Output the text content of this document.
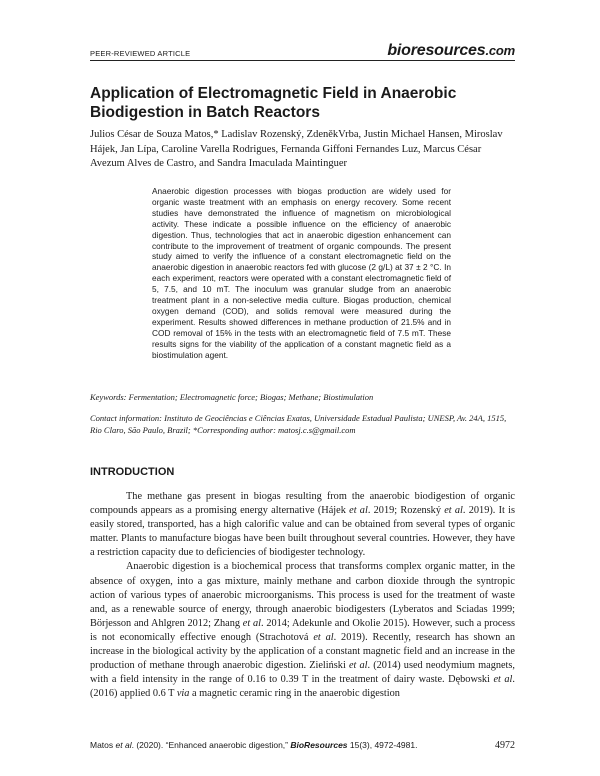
PEER-REVIEWED ARTICLE	bioresources.com
Application of Electromagnetic Field in Anaerobic Biodigestion in Batch Reactors
Julios César de Souza Matos,* Ladislav Rozenský, ZdeněkVrba, Justin Michael Hansen, Miroslav Hájek, Jan Lípa, Caroline Varella Rodrigues, Fernanda Giffoni Fernandes Luz, Marcus César Avezum Alves de Castro, and Sandra Imaculada Maintinguer
Anaerobic digestion processes with biogas production are widely used for organic waste treatment with an emphasis on energy recovery. Some recent studies have demonstrated the influence of magnetism on microbiological activity. These indicate a possible influence on the efficiency of anaerobic digestion. Thus, technologies that act in anaerobic digestion enhancement can contribute to the improvement of treatment of organic compounds. The present study aimed to verify the influence of a constant electromagnetic field on the anaerobic digestion in anaerobic reactors fed with glucose (2 g/L) at 37 ± 2 °C. In each experiment, reactors were operated with a constant electromagnetic field of 5, 7.5, and 10 mT. The inoculum was granular sludge from an anaerobic treatment plant in a non-selective media culture. Biogas production, chemical oxygen demand (COD), and solids removal were measured during the experiment. Results showed differences in methane production of 21.5% and in COD removal of 15% in the tests with an electromagnetic field of 7.5 mT. These results signs for the viability of the application of a constant magnetic field as a biostimulation agent.
Keywords: Fermentation; Electromagnetic force; Biogas; Methane; Biostimulation
Contact information: Instituto de Geociências e Ciências Exatas, Universidade Estadual Paulista; UNESP, Av. 24A, 1515, Rio Claro, São Paulo, Brazil; *Corresponding author: matosj.c.s@gmail.com
INTRODUCTION

The methane gas present in biogas resulting from the anaerobic biodigestion of organic compounds appears as a promising energy alternative (Hájek et al. 2019; Rozenský et al. 2019). It is easily stored, transported, has a high calorific value and can be obtained from several types of organic matter. Plants to manufacture biogas have been built throughout several countries. However, they have a restriction capacity due to deficiencies of biodigester technology.

Anaerobic digestion is a biochemical process that transforms complex organic matter, in the absence of oxygen, into a gas mixture, mainly methane and carbon dioxide through the syntropic action of various types of anaerobic microorganisms. This process is used for the treatment of waste and, as a renewable source of energy, through anaerobic biodigesters (Lyberatos and Sciadas 1999; Börjesson and Ahlgren 2012; Zhang et al. 2014; Adekunle and Okolie 2015). However, such a process is not economically effective enough (Strachotová et al. 2019). Recently, research has shown an increase in the biological activity by the application of a constant magnetic field and an increase in the production of methane through anaerobic digestion. Zieliński et al. (2014) used neodymium magnets, with a field intensity in the range of 0.16 to 0.39 T in the treatment of dairy waste. Dębowski et al. (2016) applied 0.6 T via a magnetic ceramic ring in the anaerobic digestion

Matos et al. (2020). “Enhanced anaerobic digestion,” BioResources 15(3), 4972-4981.	4972
